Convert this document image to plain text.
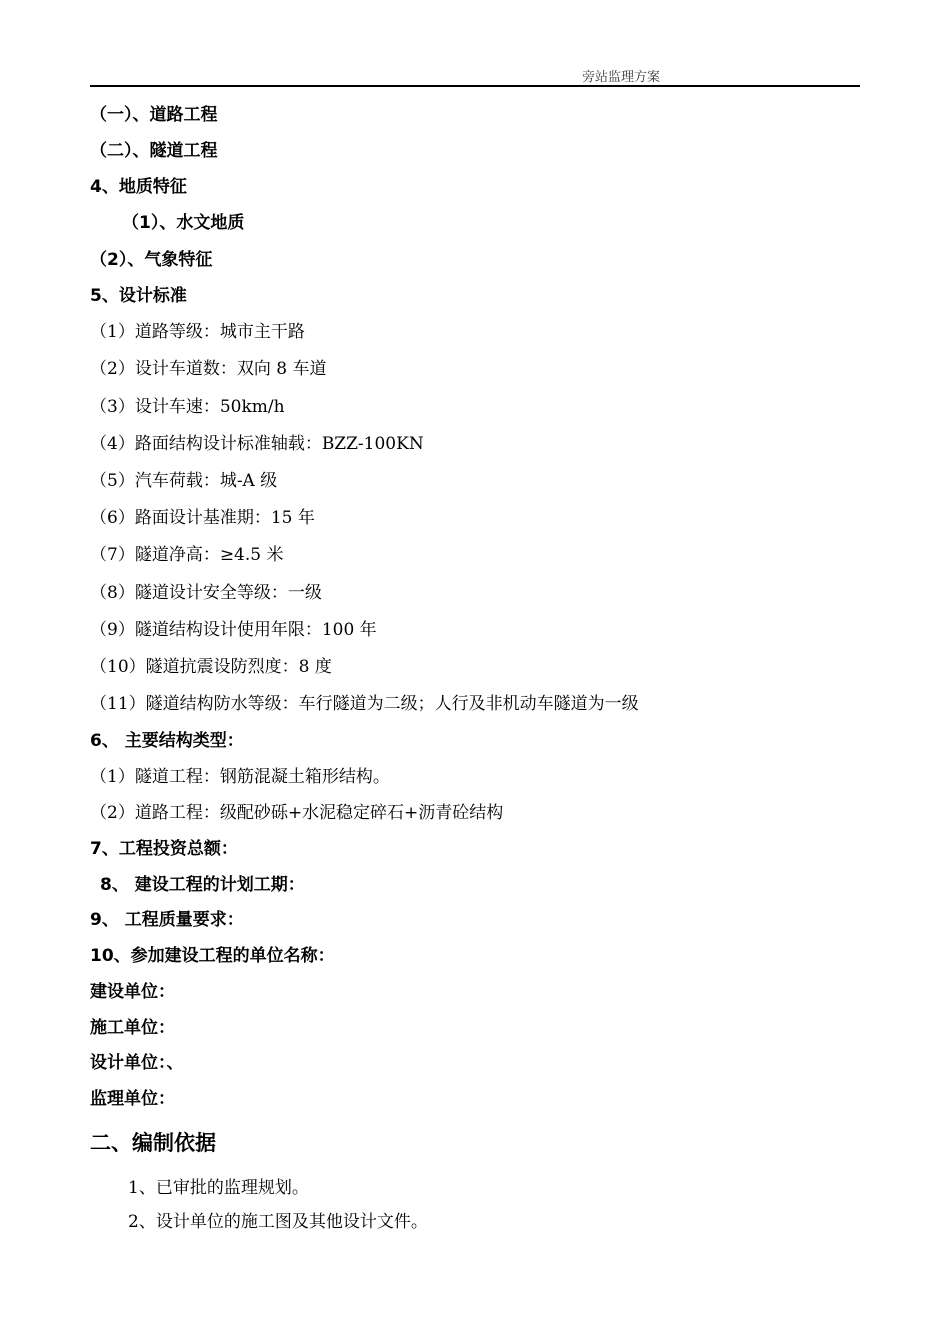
旁站监理方案
（一）、道路工程
（二）、隧道工程
4、地质特征
（1）、水文地质
（2）、气象特征
5、设计标准
（1）道路等级：城市主干路
（2）设计车道数：双向 8 车道
（3）设计车速：50km/h
（4）路面结构设计标准轴载：BZZ-100KN
（5）汽车荷载：城-A 级
（6）路面设计基准期：15 年
（7）隧道净高：≥4.5 米
（8）隧道设计安全等级：一级
（9）隧道结构设计使用年限：100 年
（10）隧道抗震设防烈度：8 度
（11）隧道结构防水等级：车行隧道为二级；人行及非机动车隧道为一级
6、 主要结构类型：
（1）隧道工程：钢筋混凝土箱形结构。
（2）道路工程：级配砂砾+水泥稳定碎石+沥青砼结构
7、工程投资总额：
8、 建设工程的计划工期：
9、 工程质量要求：
10、参加建设工程的单位名称：
建设单位：
施工单位：
设计单位：、
监理单位：
二、编制依据
1、已审批的监理规划。
2、设计单位的施工图及其他设计文件。
